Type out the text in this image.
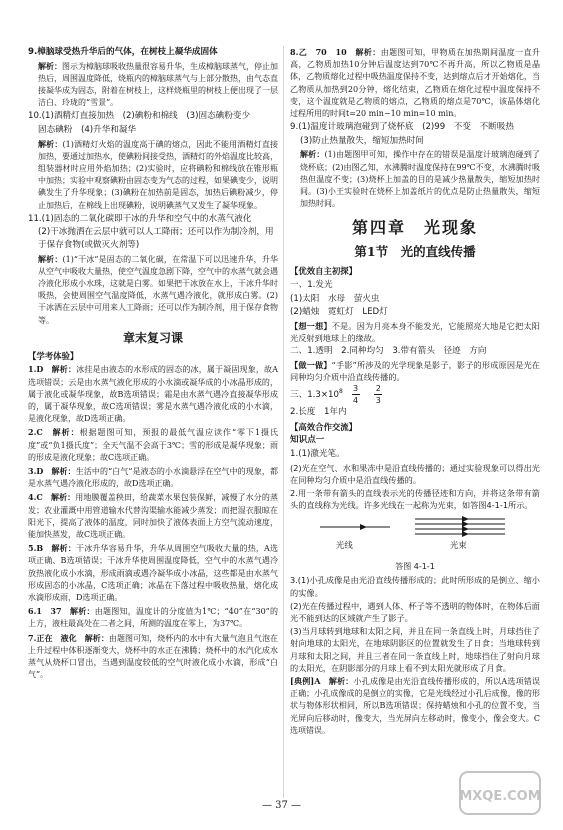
9.樟脑球受热升华后的气体，在树枝上凝华成固体

解析：图示为樟脑球吸收热量很容易升华，生成樟脑球蒸气，停止加热后，周围温度降低，烧瓶内的樟脑球蒸气与上部分散热，由气态直接凝华成为固态，附着在树枝上，这样烧瓶里的树枝上便出现了一层洁白、玲珑的“雪景”。

10.(1)酒精灯直接加热　(2)碘粉和棉线　(3)固态碘粉变少
固态碘粉　(4)升华和凝华

解析：(1)酒精灯火焰的温度高于碘的熔点，因此不能用酒精灯直接加热，要通过加热水，使碘粉间接受热，酒精灯的外焰温度比较高，组装器材时应用外焰加热；(2)实验时，应将碘粉和棉线放在锥形瓶中加热；实验中观察碘粉由固态变为气态的过程，如果碘变少，说明碘发生了升华现象；(3)碘粉在加热前是固态，加热后碘粉减少，停止加热后，在棉线上出现碘粉，说明碘蒸气又发生了凝华现象。

11.(1)固态的二氧化碳即干冰的升华和空气中的水蒸气液化
(2)干冰抛洒在云层中就可以人工降雨；还可以作为制冷剂，用于保存食物(或做灭火剂等)

解析：(1)“干冰”是固态的二氧化碳，在常温下可以迅速升华，升华从空气中吸收大量热，使空气温度急剧下降，空气中的水蒸气就会遇冷液化形成小水珠，这就是白雾。如果把干冰放在水上，干冰升华时吸热，会使周围空气温度降低，水蒸气遇冷液化，就形成白雾。(2)干冰洒在云层中可用来人工降雨；还可以作为制冷剂，用于保存食物等。

章末复习课
【学考体验】

1.D　 解析：冰挂是由液态的水形成的固态的冰，属于凝固现象，故A选项错误；云是由水蒸气液化形成的小水滴或凝华成的小冰晶形成的，属于液化或凝华现象，故B选项错误；霜是由水蒸气遇冷直接凝华形成的，属于凝华现象，故C选项错误；雾是水蒸气遇冷液化成的小水滴，是液化现象，故D选项正确。

2.C　 解析：根据题图可知，预报的最低气温应读作“零下1摄氏度”或“负1摄氏度”；全天气温不会高于3℃；雪的形成是凝华现象；雨的形成是液化现象；故C选项正确。

3.D　 解析：生活中的“白气”是液态的小水滴悬浮在空气中的现象，都是水蒸气遇冷液化形成的，故D选项正确。

4.C　 解析：用地膜覆盖秧田，给蔬菜水果包装保鲜，减慢了水分的蒸发；农业灌溉中用管道输水代替沟渠输水能减少蒸发；而把湿衣服晾在阳光下，提高了液体的温度，同时加快了液体表面上方空气流动速度，能加快蒸发，故C选项正确。

5.B　 解析：干冰升华容易升华，升华从周围空气吸收大量的热，A选项正确、B选项错误；干冰升华使周围温度降低，空气中的水蒸气遇冷放热液化成小水滴，形成雨滴或遇冷凝华成小冰晶，这些都是由水蒸气形成固态的小冰晶，C选项正确；冰晶在下落过程中吸收热量，熔化成水滴形成雨，D选项正确。

6.1　37　 解析：由题图知，温度计的分度值为1℃；“40”在“30”的上方，液柱最高处在二者之间，所测的温度在零上，为37℃。

7.正在　液化　 解析：由题图可知，烧杯内的水中有大量气泡且气泡在上升过程中体积逐渐变大，烧杯中的水正在沸腾；烧杯中的水汽化成水蒸气从烧杯口冒出，当遇到温度较低的空气时液化成小水滴，形成“白气”。

8.乙　70　10　 解析：由题图可知，甲物质在加热期间温度一直升高，乙物质加热10分钟后温度达到70℃不再升高，所以乙物质是晶体，乙物质熔化过程中吸热温度保持不变，达到熔点后才开始熔化，当乙物质从加热到20分钟，熔化结束，乙物质在熔化过程中温度保持不变，这个温度就是乙物质的熔点，乙物质的熔点是70℃，该晶体熔化过程所用的时间t=20 min−10 min=10 min。

9.(1)温度计玻璃泡碰到了烧杯底　(2)99　不变　不断吸热
(3)防止热量散失，缩短加热时间

解析：(1)由题图甲可知，操作中存在的错误是温度计玻璃泡碰到了烧杯底；(2)由图乙知，水沸腾时温度保持在99℃不变，水沸腾时吸热但温度不变；(3)烧杯上加盖的目的是减少热量散失，缩短加热时间。(3)小王实验时在烧杯上加盖纸片的优点是防止热量散失，缩短加热时间。

第四章　光现象
第1节　光的直线传播
【优效自主初探】
一、1.发光
(1)太阳　水母　萤火虫
(2)蜡烛　霓虹灯　LED灯

【想一想】不是。因为月亮本身不能发光，它能照亮大地是它把太阳光反射到地球上的缘故。

二、1.透明　2.同种均匀　3.带有箭头　径迹　方向

【做一做】“手影”所涉及的光学现象是影子，影子的形成原因是光在同种均匀介质中沿直线传播的。

三、$1.3\times 10^8 \frac{3}{4}$
$\frac{2}{3}$
2.长度　1年内
【高效合作交流】
知识点一
1.(1)激光笔。

(2)光在空气、水和果冻中是沿直线传播的；通过实验现象可以得出光在同种均匀介质中是沿直线传播的。

2.用一条带有箭头的直线表示光的传播径迹和方向，并将这条带有箭头的直线称为光线。许多光线在一起称为光束，如答图4-1-1所示。

光线	光束
答图 4-1-1

3.(1)小孔成像是由光沿直线传播形成的；此时所形成的是倒立、缩小的实像。

(2)光在传播过程中，遇到人体、杯子等不透明的物体时，在物体后面光不能到达的区域就产生了影子。

(3)当月球转到地球和太阳之间，并且在同一条直线上时，月球挡住了射向地球的太阳光，在地球阴影区的位置就发生了日食；当地球转到月球和太阳之间，并且三者在同一条直线上时，地球挡住了射向月球的太阳光，在阴影部分的月球上看不到太阳光就形成了月食。

[典例]A　 解析：小孔成像是由光沿直线传播形成的，所以A选项错误正确；小孔成像成的是倒立的实像，它是光线经过小孔后成像，像的形状与物体形状相同，所以B选项错误；保持蜡烛和小孔的位置不变，当光屏向后移动时，像变大，当光屏向左移动时，像变小，像会变大。C选项错误。

— 37 —
MXQE.COM
